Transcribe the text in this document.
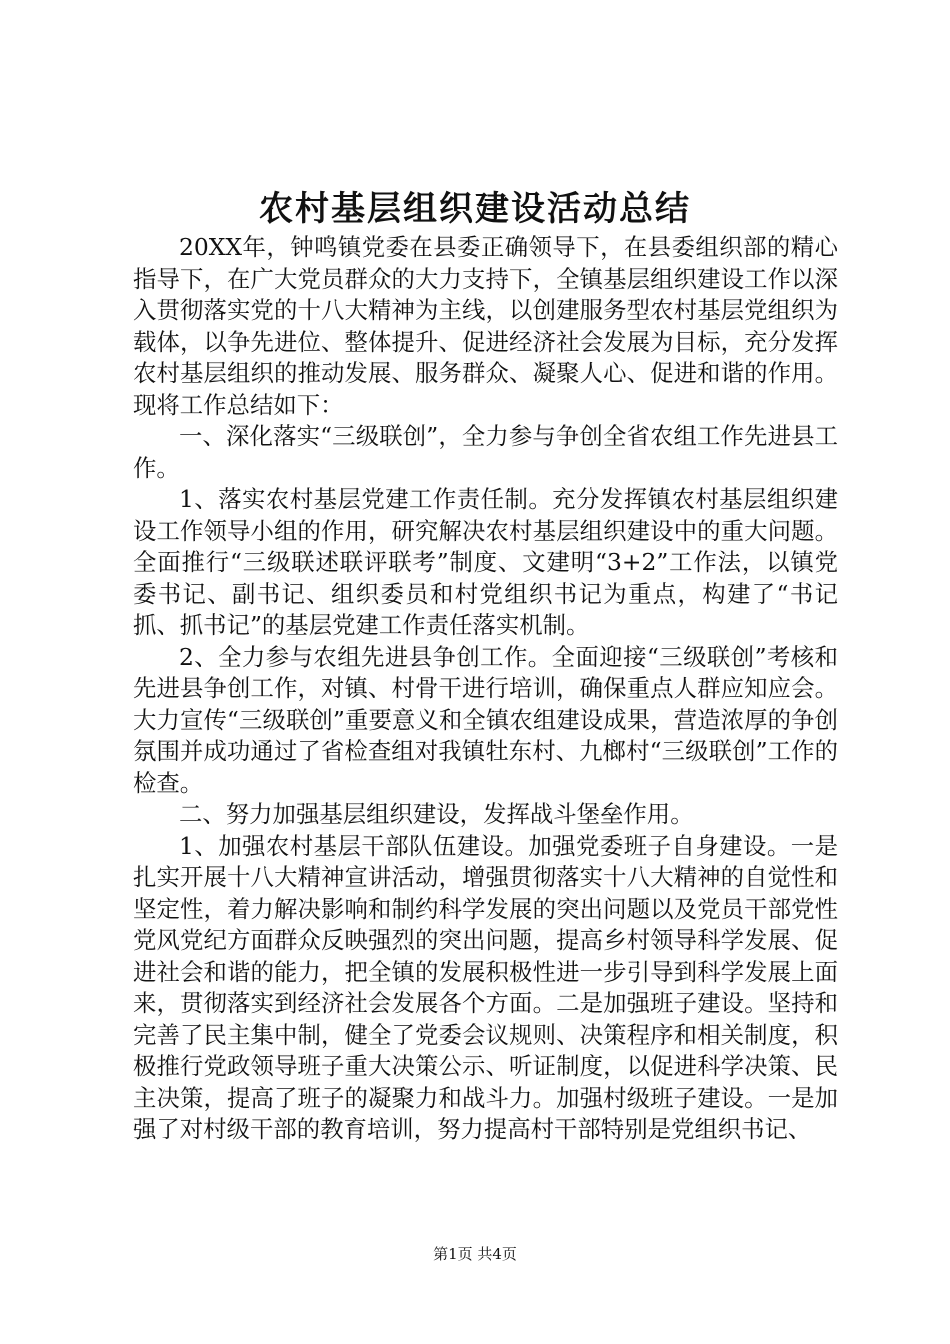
农村基层组织建设活动总结

20XX年，钟鸣镇党委在县委正确领导下，在县委组织部的精心指导下，在广大党员群众的大力支持下，全镇基层组织建设工作以深入贯彻落实党的十八大精神为主线，以创建服务型农村基层党组织为载体，以争先进位、整体提升、促进经济社会发展为目标，充分发挥农村基层组织的推动发展、服务群众、凝聚人心、促进和谐的作用。现将工作总结如下：

一、深化落实“三级联创”，全力参与争创全省农组工作先进县工作。

1、落实农村基层党建工作责任制。充分发挥镇农村基层组织建设工作领导小组的作用，研究解决农村基层组织建设中的重大问题。全面推行“三级联述联评联考”制度、文建明“3+2”工作法，以镇党委书记、副书记、组织委员和村党组织书记为重点，构建了“书记抓、抓书记”的基层党建工作责任落实机制。

2、全力参与农组先进县争创工作。全面迎接“三级联创”考核和先进县争创工作，对镇、村骨干进行培训，确保重点人群应知应会。大力宣传“三级联创”重要意义和全镇农组建设成果，营造浓厚的争创氛围并成功通过了省检查组对我镇牡东村、九榔村“三级联创”工作的检查。

二、努力加强基层组织建设，发挥战斗堡垒作用。

1、加强农村基层干部队伍建设。加强党委班子自身建设。一是扎实开展十八大精神宣讲活动，增强贯彻落实十八大精神的自觉性和坚定性，着力解决影响和制约科学发展的突出问题以及党员干部党性党风党纪方面群众反映强烈的突出问题，提高乡村领导科学发展、促进社会和谐的能力，把全镇的发展积极性进一步引导到科学发展上面来，贯彻落实到经济社会发展各个方面。二是加强班子建设。坚持和完善了民主集中制，健全了党委会议规则、决策程序和相关制度，积极推行党政领导班子重大决策公示、听证制度，以促进科学决策、民主决策，提高了班子的凝聚力和战斗力。加强村级班子建设。一是加强了对村级干部的教育培训，努力提高村干部特别是党组织书记、

第1页 共4页
